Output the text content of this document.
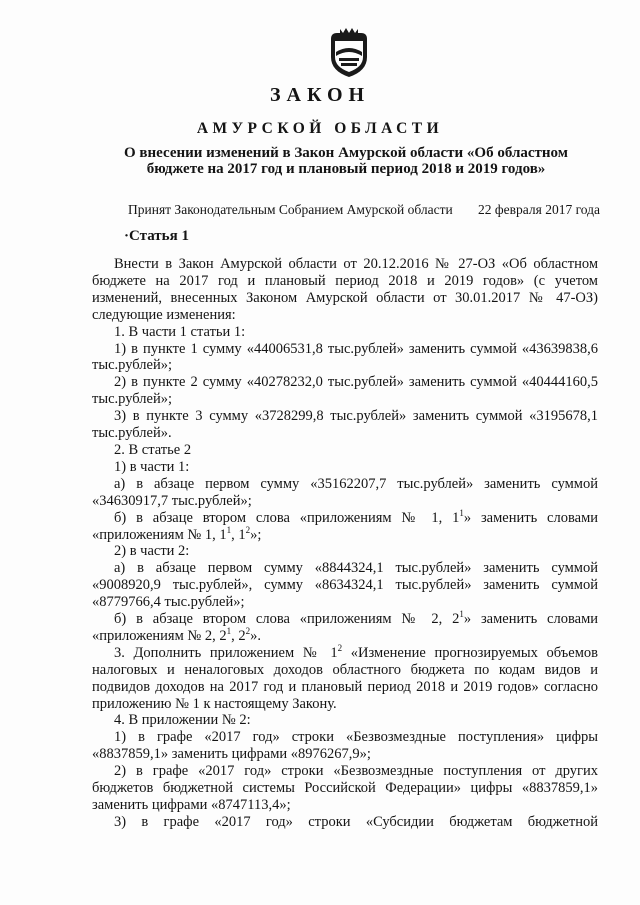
ЗАКОН
АМУРСКОЙ ОБЛАСТИ
О внесении изменений в Закон Амурской области «Об областном бюджете на 2017 год и плановый период 2018 и 2019 годов»
Принят Законодательным Собранием Амурской области 22 февраля 2017 года
·Статья 1

Внести в Закон Амурской области от 20.12.2016 № 27-ОЗ «Об областном бюджете на 2017 год и плановый период 2018 и 2019 годов» (с учетом изменений, внесенных Законом Амурской области от 30.01.2017 № 47-ОЗ) следующие изменения:

1. В части 1 статьи 1:

1) в пункте 1 сумму «44006531,8 тыс.рублей» заменить суммой «43639838,6 тыс.рублей»;

2) в пункте 2 сумму «40278232,0 тыс.рублей» заменить суммой «40444160,5 тыс.рублей»;

3) в пункте 3 сумму «3728299,8 тыс.рублей» заменить суммой «3195678,1 тыс.рублей».

2. В статье 2

1) в части 1:

а) в абзаце первом сумму «35162207,7 тыс.рублей» заменить суммой «34630917,7 тыс.рублей»;

б) в абзаце втором слова «приложениям № 1, $1^1$» заменить словами «приложениям № 1, $1^1$, $1^2$»;

2) в части 2:

а) в абзаце первом сумму «8844324,1 тыс.рублей» заменить суммой «9008920,9 тыс.рублей», сумму «8634324,1 тыс.рублей» заменить суммой «8779766,4 тыс.рублей»;

б) в абзаце втором слова «приложениям № 2, $2^1$» заменить словами «приложениям № 2, $2^1$, $2^2$».

3. Дополнить приложением № $1^2$ «Изменение прогнозируемых объемов налоговых и неналоговых доходов областного бюджета по кодам видов и подвидов доходов на 2017 год и плановый период 2018 и 2019 годов» согласно приложению № 1 к настоящему Закону.

4. В приложении № 2:

1) в графе «2017 год» строки «Безвозмездные поступления» цифры «8837859,1» заменить цифрами «8976267,9»;

2) в графе «2017 год» строки «Безвозмездные поступления от других бюджетов бюджетной системы Российской Федерации» цифры «8837859,1» заменить цифрами «8747113,4»;

3) в графе «2017 год» строки «Субсидии бюджетам бюджетной
